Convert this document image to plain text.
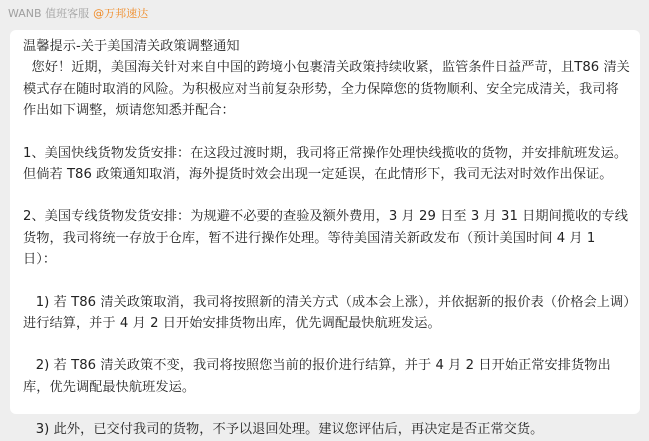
WANB 值班客服 @万邦速达

温馨提示-关于美国清关政策调整通知

您好！近期，美国海关针对来自中国的跨境小包裹清关政策持续收紧，监管条件日益严苛，且T86 清关模式存在随时取消的风险。为积极应对当前复杂形势，全力保障您的货物顺利、安全完成清关，我司将作出如下调整，烦请您知悉并配合：

1、美国快线货物发货安排：在这段过渡时期，我司将正常操作处理快线揽收的货物，并安排航班发运。但倘若 T86 政策通知取消，海外提货时效会出现一定延误，在此情形下，我司无法对时效作出保证。

2、美国专线货物发货安排：为规避不必要的查验及额外费用，3 月 29 日至 3 月 31 日期间揽收的专线货物，我司将统一存放于仓库，暂不进行操作处理。等待美国清关新政发布（预计美国时间 4 月 1 日）：

1) 若 T86 清关政策取消，我司将按照新的清关方式（成本会上涨），并依据新的报价表（价格会上调）进行结算，并于 4 月 2 日开始安排货物出库，优先调配最快航班发运。

2) 若 T86 清关政策不变，我司将按照您当前的报价进行结算，并于 4 月 2 日开始正常安排货物出库，优先调配最快航班发运。

3) 此外，已交付我司的货物，不予以退回处理。建议您评估后，再决定是否正常交货。
